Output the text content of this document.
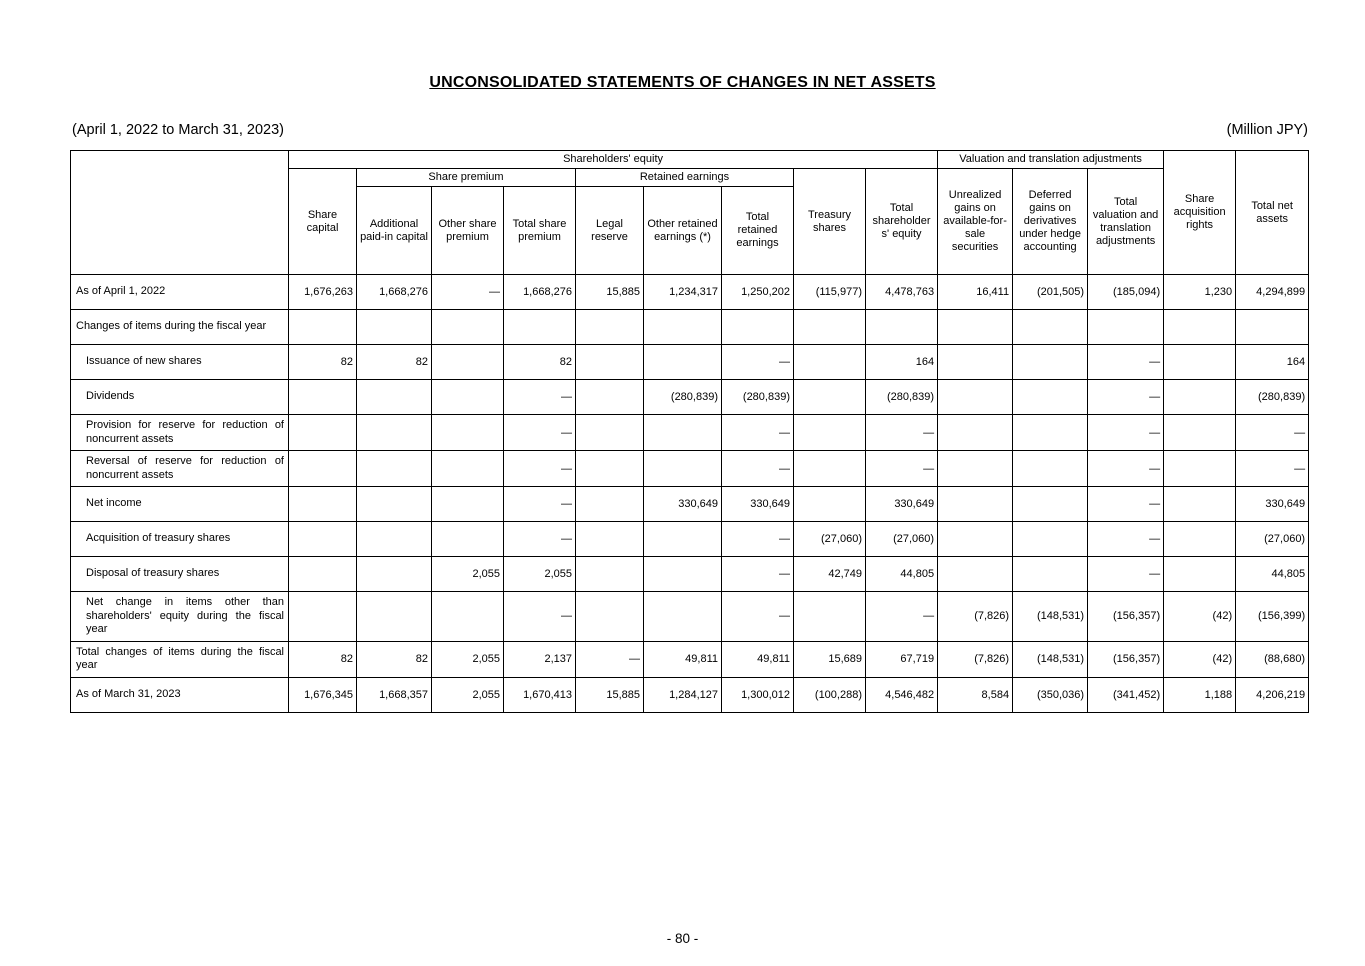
UNCONSOLIDATED STATEMENTS OF CHANGES IN NET ASSETS
(April 1, 2022 to March 31, 2023)	(Million JPY)
	Shareholders' equity									Valuation and translation adjustments			Share acquisition rights	Total net assets
	Share capital	Share premium			Retained earnings			Treasury shares	Total shareholder s' equity	Unrealized gains on available-for-sale securities	Deferred gains on derivatives under hedge accounting	Total valuation and translation adjustments		
		Additional paid-in capital	Other share premium	Total share premium	Legal reserve	Other retained earnings (*)	Total retained earnings							
As of April 1, 2022	1,676,263	1,668,276	—	1,668,276	15,885	1,234,317	1,250,202	(115,977)	4,478,763	16,411	(201,505)	(185,094)	1,230	4,294,899
Changes of items during the fiscal year														
Issuance of new shares	82	82		82			—		164			—		164
Dividends				—		(280,839)	(280,839)		(280,839)			—		(280,839)
Provision for reserve for reduction of noncurrent assets				—			—		—			—		—
Reversal of reserve for reduction of noncurrent assets				—			—		—			—		—
Net income				—		330,649	330,649		330,649			—		330,649
Acquisition of treasury shares				—			—	(27,060)	(27,060)			—		(27,060)
Disposal of treasury shares			2,055	2,055			—	42,749	44,805			—		44,805
Net change in items other than shareholders' equity during the fiscal year				—			—		—	(7,826)	(148,531)	(156,357)	(42)	(156,399)
Total changes of items during the fiscal year	82	82	2,055	2,137	—	49,811	49,811	15,689	67,719	(7,826)	(148,531)	(156,357)	(42)	(88,680)
As of March 31, 2023	1,676,345	1,668,357	2,055	1,670,413	15,885	1,284,127	1,300,012	(100,288)	4,546,482	8,584	(350,036)	(341,452)	1,188	4,206,219
- 80 -
